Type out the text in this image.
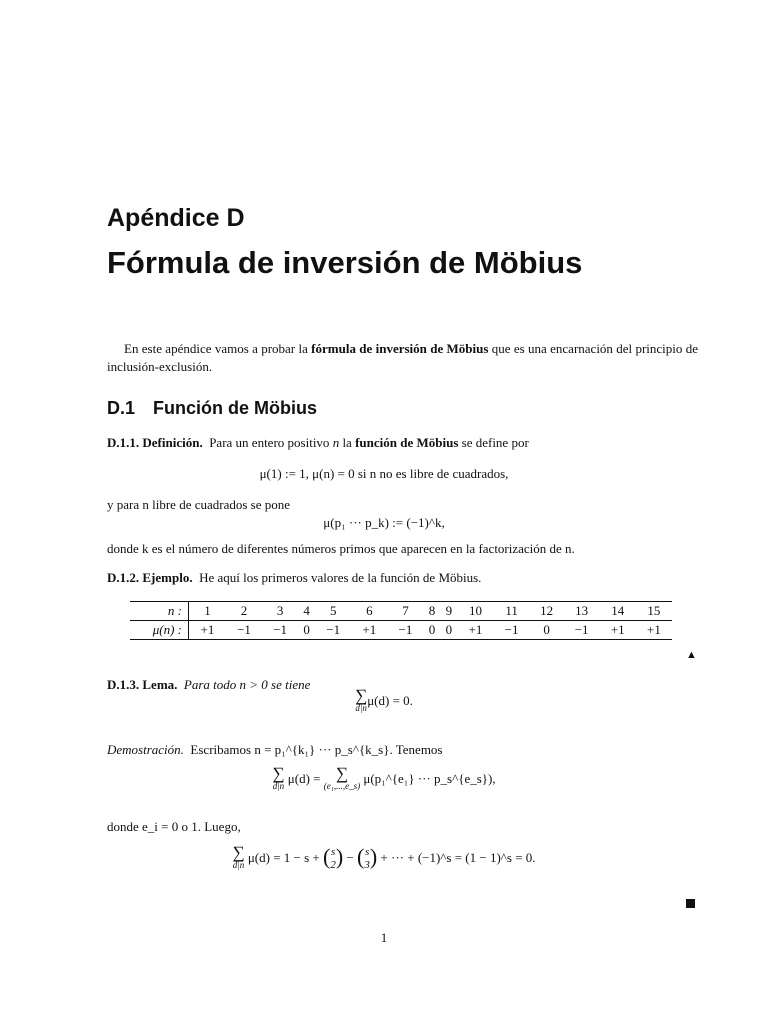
Apéndice D
Fórmula de inversión de Möbius
En este apéndice vamos a probar la fórmula de inversión de Möbius que es una encarnación del principio de inclusión-exclusión.
D.1 Función de Möbius
D.1.1. Definición. Para un entero positivo n la función de Möbius se define por
μ(1) := 1, μ(n) = 0 si n no es libre de cuadrados,
y para n libre de cuadrados se pone
μ(p₁ ··· p_k) := (−1)^k,
donde k es el número de diferentes números primos que aparecen en la factorización de n.
D.1.2. Ejemplo. He aquí los primeros valores de la función de Möbius.
n :	1	2	3	4	5	6	7	8	9	10	11	12	13	14	15
μ(n) :	+1	−1	−1	0	−1	+1	−1	0	0	+1	−1	0	−1	+1	+1
▲
D.1.3. Lema. Para todo n > 0 se tiene
∑
d|n
μ(d) = 0.
Demostración. Escribamos n = p₁^{k₁} ··· p_s^{k_s}. Tenemos
∑
d|n
μ(d) = ∑
(e₁,...,e_s)
μ(p₁^{e₁} ··· p_s^{e_s}),
donde e_i = 0 o 1. Luego,
∑
d|n
μ(d) = 1 − s + (s
2) − (s
3) + ··· + (−1)^s = (1 − 1)^s = 0.
1
